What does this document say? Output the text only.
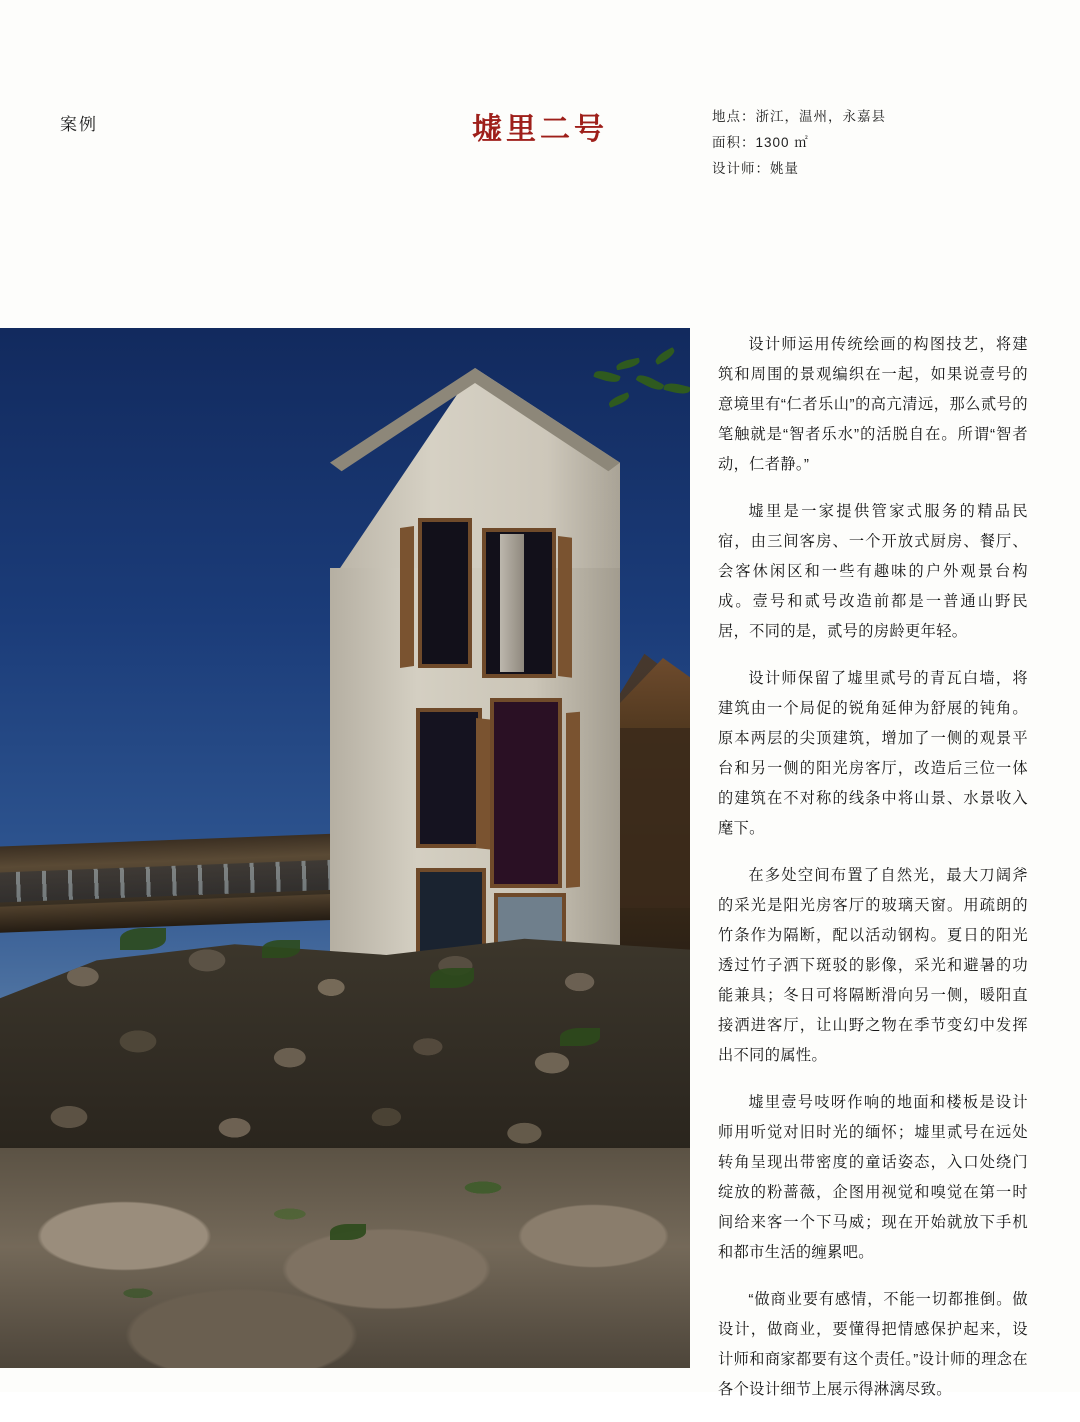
案例	墟里二号	地点：浙江，温州，永嘉县
面积：1300 ㎡
设计师：姚量

设计师运用传统绘画的构图技艺，将建筑和周围的景观编织在一起，如果说壹号的意境里有“仁者乐山”的高亢清远，那么贰号的笔触就是“智者乐水”的活脱自在。所谓“智者动，仁者静。”

墟里是一家提供管家式服务的精品民宿，由三间客房、一个开放式厨房、餐厅、会客休闲区和一些有趣味的户外观景台构成。壹号和贰号改造前都是一普通山野民居，不同的是，贰号的房龄更年轻。

设计师保留了墟里贰号的青瓦白墙，将建筑由一个局促的锐角延伸为舒展的钝角。原本两层的尖顶建筑，增加了一侧的观景平台和另一侧的阳光房客厅，改造后三位一体的建筑在不对称的线条中将山景、水景收入麾下。

在多处空间布置了自然光，最大刀阔斧的采光是阳光房客厅的玻璃天窗。用疏朗的竹条作为隔断，配以活动钢构。夏日的阳光透过竹子洒下斑驳的影像，采光和避暑的功能兼具；冬日可将隔断滑向另一侧，暖阳直接洒进客厅，让山野之物在季节变幻中发挥出不同的属性。

墟里壹号吱呀作响的地面和楼板是设计师用听觉对旧时光的缅怀；墟里贰号在远处转角呈现出带密度的童话姿态，入口处绕门绽放的粉蔷薇，企图用视觉和嗅觉在第一时间给来客一个下马威；现在开始就放下手机和都市生活的缠累吧。

“做商业要有感情，不能一切都推倒。做设计，做商业，要懂得把情感保护起来，设计师和商家都要有这个责任。”设计师的理念在各个设计细节上展示得淋漓尽致。
